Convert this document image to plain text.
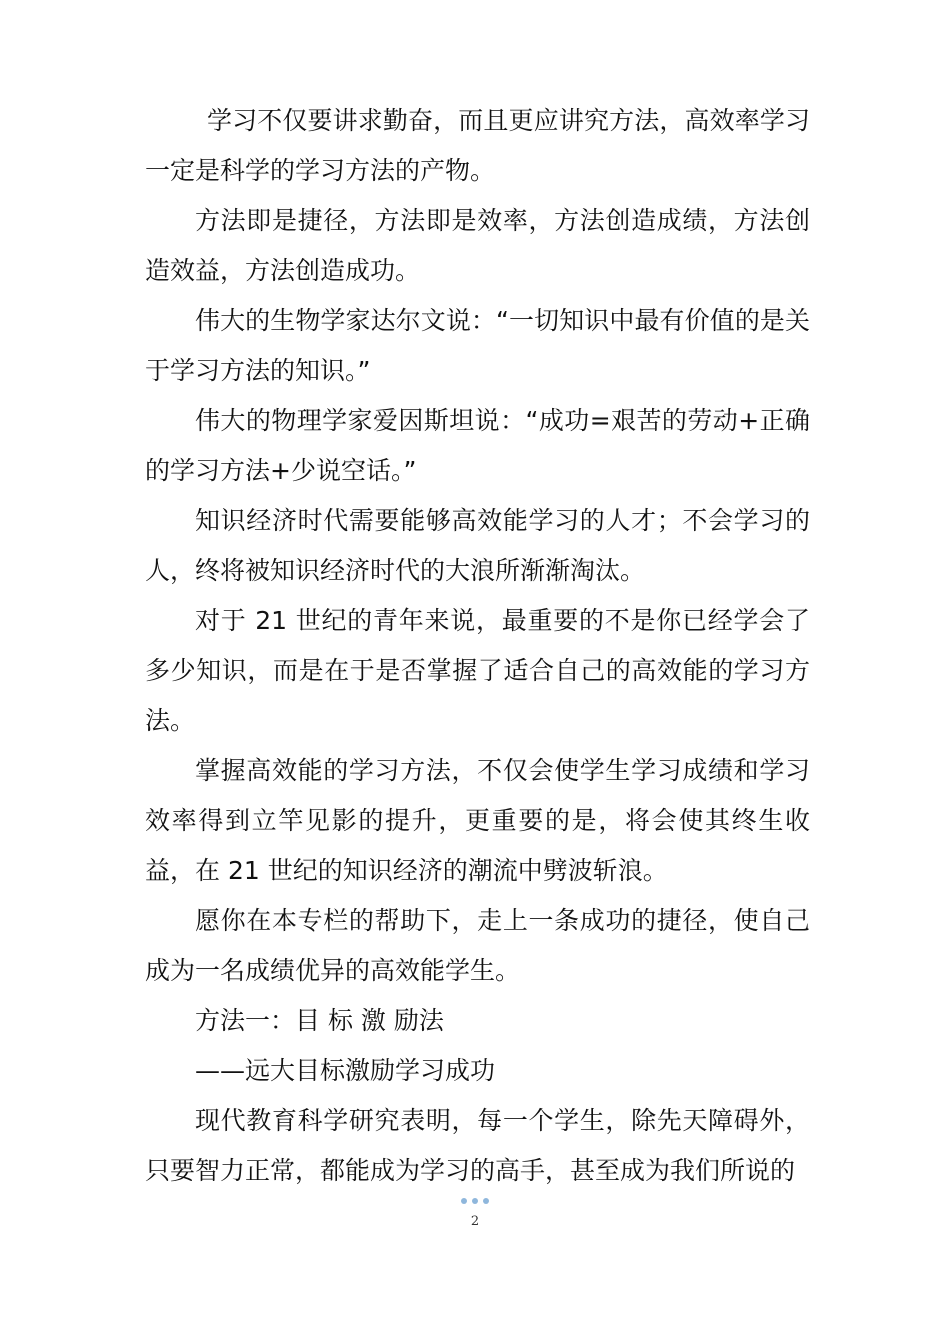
学习不仅要讲求勤奋，而且更应讲究方法，高效率学习一定是科学的学习方法的产物。

方法即是捷径，方法即是效率，方法创造成绩，方法创造效益，方法创造成功。

伟大的生物学家达尔文说：“一切知识中最有价值的是关于学习方法的知识。”

伟大的物理学家爱因斯坦说：“成功=艰苦的劳动+正确的学习方法+少说空话。”

知识经济时代需要能够高效能学习的人才；不会学习的人，终将被知识经济时代的大浪所渐渐淘汰。

对于 21 世纪的青年来说，最重要的不是你已经学会了多少知识，而是在于是否掌握了适合自己的高效能的学习方法。

掌握高效能的学习方法，不仅会使学生学习成绩和学习效率得到立竿见影的提升，更重要的是，将会使其终生收益，在 21 世纪的知识经济的潮流中劈波斩浪。

愿你在本专栏的帮助下，走上一条成功的捷径，使自己成为一名成绩优异的高效能学生。

方法一：目 标 激 励法

——远大目标激励学习成功

现代教育科学研究表明，每一个学生，除先天障碍外，只要智力正常，都能成为学习的高手，甚至成为我们所说的

2
